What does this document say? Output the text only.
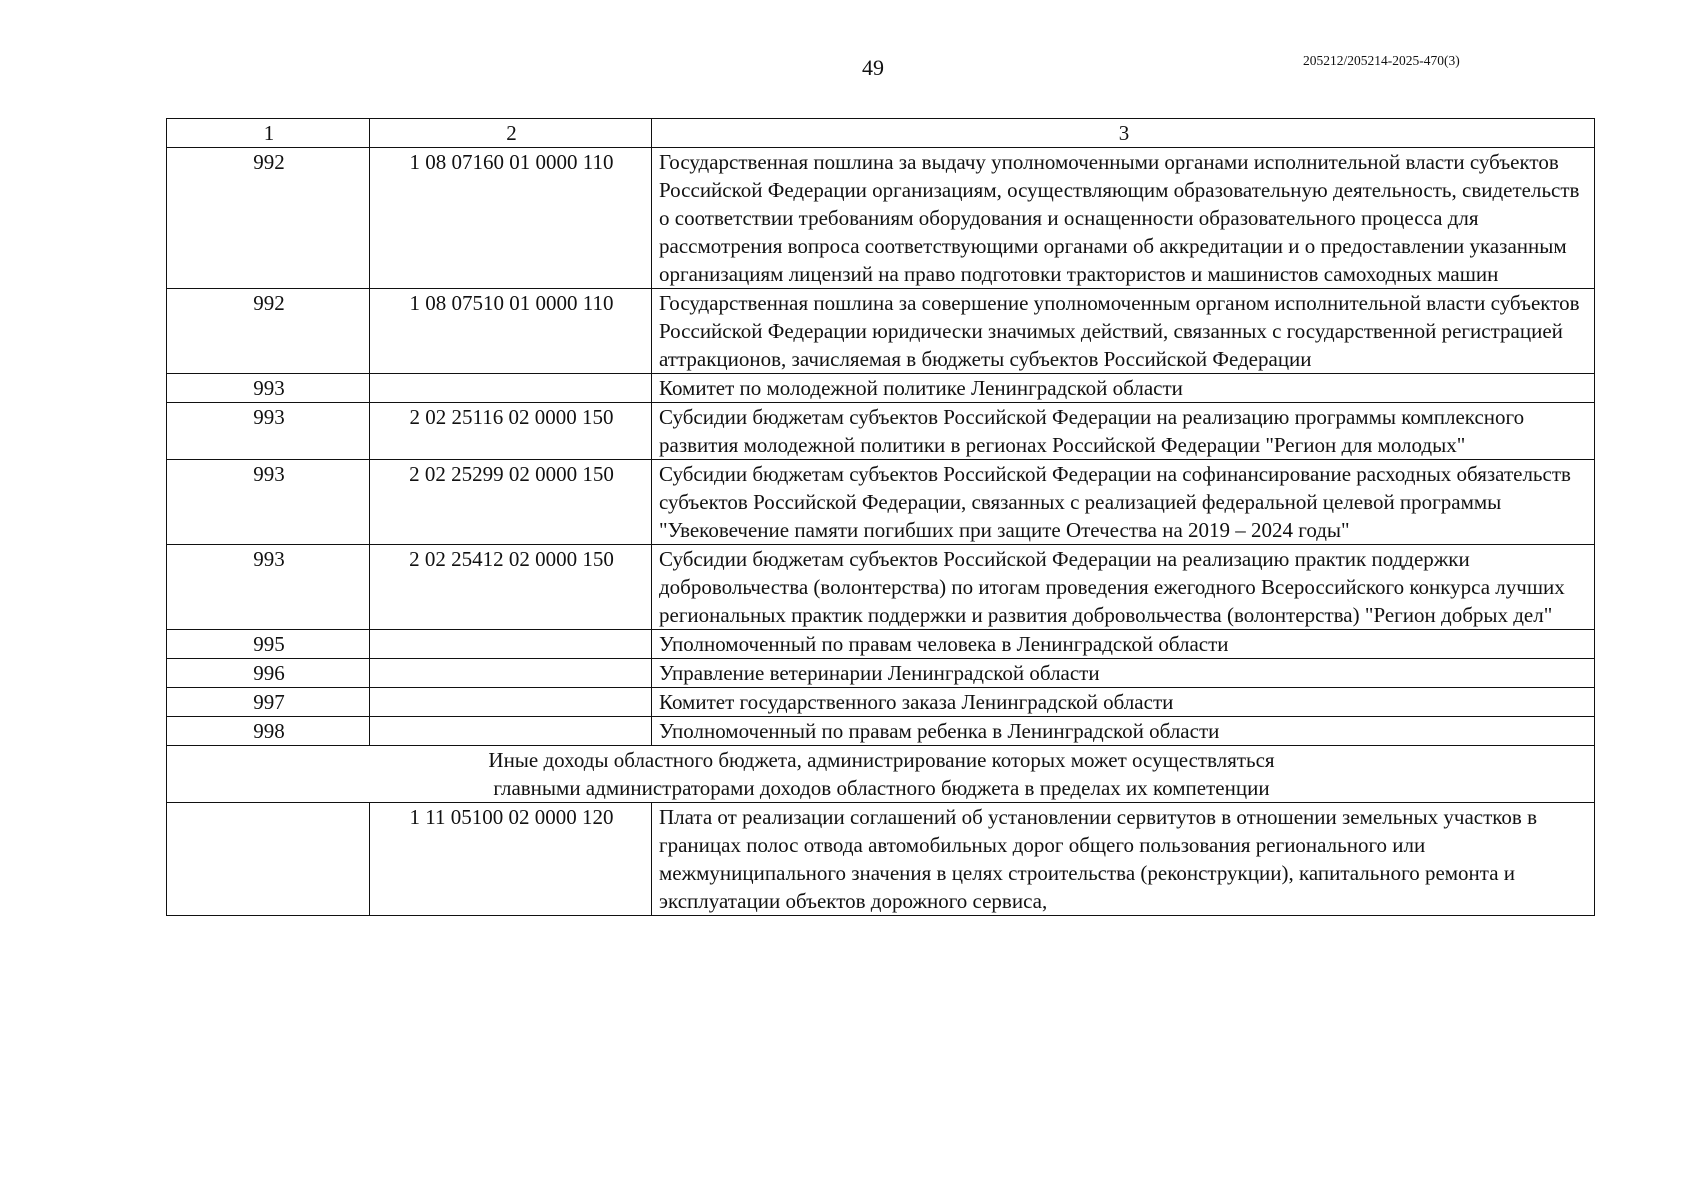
49	205212/205214-2025-470(3)
1	2	3
992	1 08 07160 01 0000 110	Государственная пошлина за выдачу уполномоченными органами исполнительной власти субъектов Российской Федерации организациям, осуществляющим образовательную деятельность, свидетельств о соответствии требованиям оборудования и оснащенности образовательного процесса для рассмотрения вопроса соответствующими органами об аккредитации и о предоставлении указанным организациям лицензий на право подготовки трактористов и машинистов самоходных машин
992	1 08 07510 01 0000 110	Государственная пошлина за совершение уполномоченным органом исполнительной власти субъектов Российской Федерации юридически значимых действий, связанных с государственной регистрацией аттракционов, зачисляемая в бюджеты субъектов Российской Федерации
993		Комитет по молодежной политике Ленинградской области
993	2 02 25116 02 0000 150	Субсидии бюджетам субъектов Российской Федерации на реализацию программы комплексного развития молодежной политики в регионах Российской Федерации "Регион для молодых"
993	2 02 25299 02 0000 150	Субсидии бюджетам субъектов Российской Федерации на софинансирование расходных обязательств субъектов Российской Федерации, связанных с реализацией федеральной целевой программы "Увековечение памяти погибших при защите Отечества на 2019 – 2024 годы"
993	2 02 25412 02 0000 150	Субсидии бюджетам субъектов Российской Федерации на реализацию практик поддержки добровольчества (волонтерства) по итогам проведения ежегодного Всероссийского конкурса лучших региональных практик поддержки и развития добровольчества (волонтерства) "Регион добрых дел"
995		Уполномоченный по правам человека в Ленинградской области
996		Управление ветеринарии Ленинградской области
997		Комитет государственного заказа Ленинградской области
998		Уполномоченный по правам ребенка в Ленинградской области

Иные доходы областного бюджета, администрирование которых может осуществляться
главными администраторами доходов областного бюджета в пределах их компетенции		

	1 11 05100 02 0000 120	Плата от реализации соглашений об установлении сервитутов в отношении земельных участков в границах полос отвода автомобильных дорог общего пользования регионального или межмуниципального значения в целях строительства (реконструкции), капитального ремонта и эксплуатации объектов дорожного сервиса,
